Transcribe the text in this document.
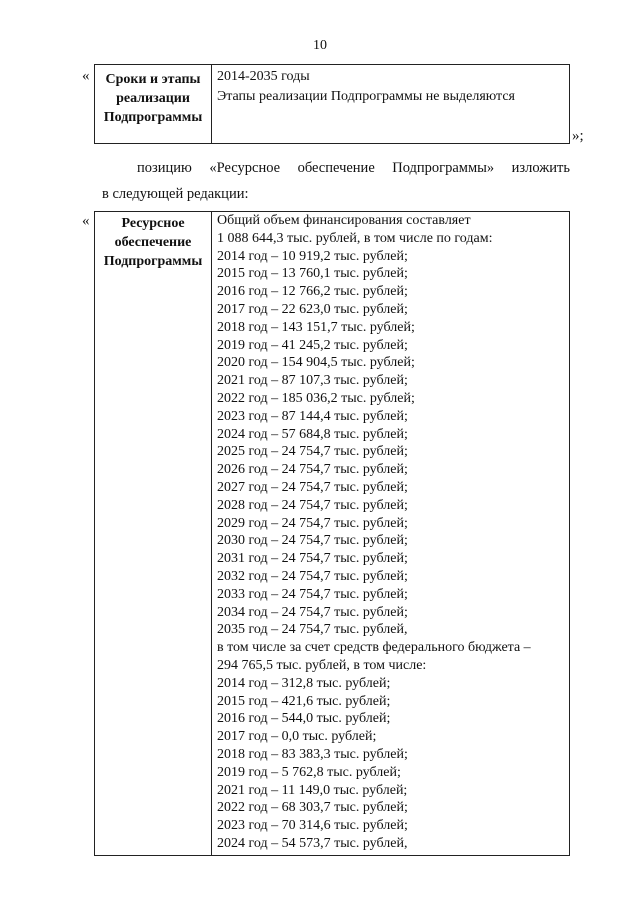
10
«	Сроки и этапы
реализации
Подпрограммы

2014-2035 годы
Этапы реализации Подпрограммы не выделяются
»;
позицию «Ресурсное обеспечение Подпрограммы» изложить
в следующей редакции:
«	Ресурсное
обеспечение
Подпрограммы

Общий объем финансирования составляет
1 088 644,3 тыс. рублей, в том числе по годам:
2014 год – 10 919,2 тыс. рублей;
2015 год – 13 760,1 тыс. рублей;
2016 год – 12 766,2 тыс. рублей;
2017 год – 22 623,0 тыс. рублей;
2018 год – 143 151,7 тыс. рублей;
2019 год – 41 245,2 тыс. рублей;
2020 год – 154 904,5 тыс. рублей;
2021 год – 87 107,3 тыс. рублей;
2022 год – 185 036,2 тыс. рублей;
2023 год – 87 144,4 тыс. рублей;
2024 год – 57 684,8 тыс. рублей;
2025 год – 24 754,7 тыс. рублей;
2026 год – 24 754,7 тыс. рублей;
2027 год – 24 754,7 тыс. рублей;
2028 год – 24 754,7 тыс. рублей;
2029 год – 24 754,7 тыс. рублей;
2030 год – 24 754,7 тыс. рублей;
2031 год – 24 754,7 тыс. рублей;
2032 год – 24 754,7 тыс. рублей;
2033 год – 24 754,7 тыс. рублей;
2034 год – 24 754,7 тыс. рублей;
2035 год – 24 754,7 тыс. рублей,
в том числе за счет средств федерального бюджета –
294 765,5 тыс. рублей, в том числе:
2014 год – 312,8 тыс. рублей;
2015 год – 421,6 тыс. рублей;
2016 год – 544,0 тыс. рублей;
2017 год – 0,0 тыс. рублей;
2018 год – 83 383,3 тыс. рублей;
2019 год – 5 762,8 тыс. рублей;
2021 год – 11 149,0 тыс. рублей;
2022 год – 68 303,7 тыс. рублей;
2023 год – 70 314,6 тыс. рублей;
2024 год – 54 573,7 тыс. рублей,
